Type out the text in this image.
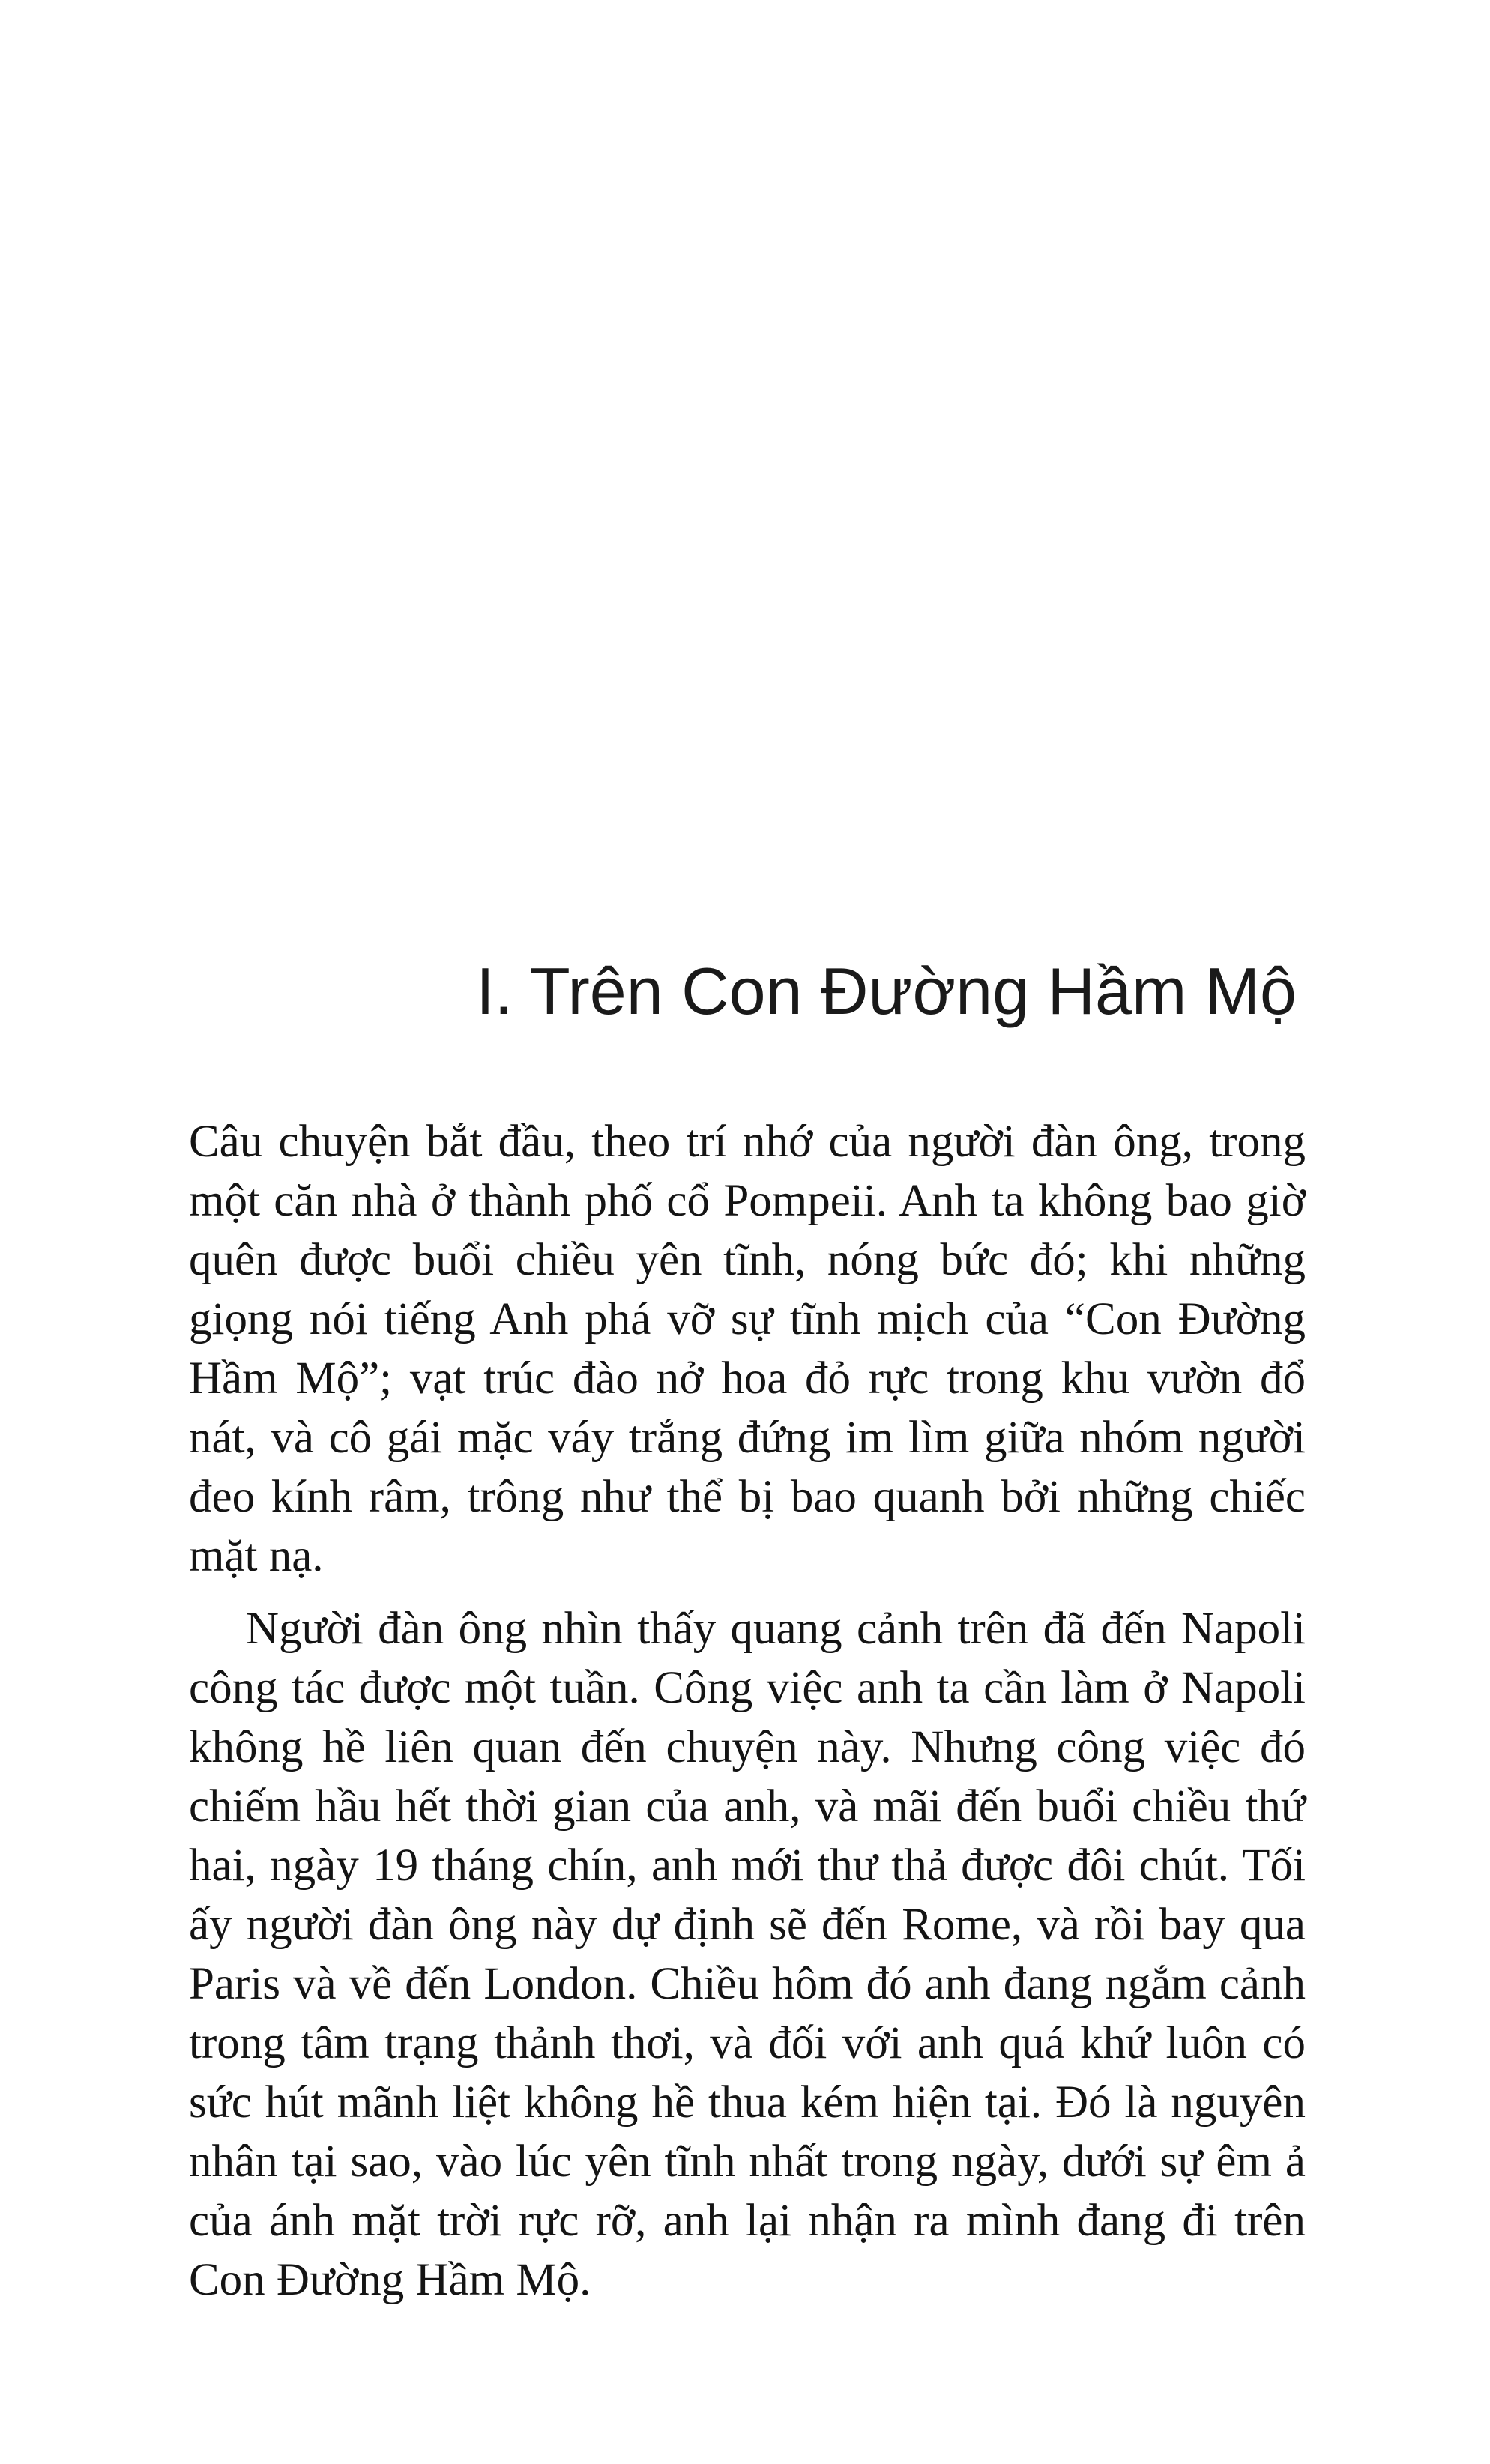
I. Trên Con Đường Hầm Mộ

Câu chuyện bắt đầu, theo trí nhớ của người đàn ông, trong một căn nhà ở thành phố cổ Pompeii. Anh ta không bao giờ quên được buổi chiều yên tĩnh, nóng bức đó; khi những giọng nói tiếng Anh phá vỡ sự tĩnh mịch của “Con Đường Hầm Mộ”; vạt trúc đào nở hoa đỏ rực trong khu vườn đổ nát, và cô gái mặc váy trắng đứng im lìm giữa nhóm người đeo kính râm, trông như thể bị bao quanh bởi những chiếc mặt nạ.

Người đàn ông nhìn thấy quang cảnh trên đã đến Napoli công tác được một tuần. Công việc anh ta cần làm ở Napoli không hề liên quan đến chuyện này. Nhưng công việc đó chiếm hầu hết thời gian của anh, và mãi đến buổi chiều thứ hai, ngày 19 tháng chín, anh mới thư thả được đôi chút. Tối ấy người đàn ông này dự định sẽ đến Rome, và rồi bay qua Paris và về đến London. Chiều hôm đó anh đang ngắm cảnh trong tâm trạng thảnh thơi, và đối với anh quá khứ luôn có sức hút mãnh liệt không hề thua kém hiện tại. Đó là nguyên nhân tại sao, vào lúc yên tĩnh nhất trong ngày, dưới sự êm ả của ánh mặt trời rực rỡ, anh lại nhận ra mình đang đi trên Con Đường Hầm Mộ.
